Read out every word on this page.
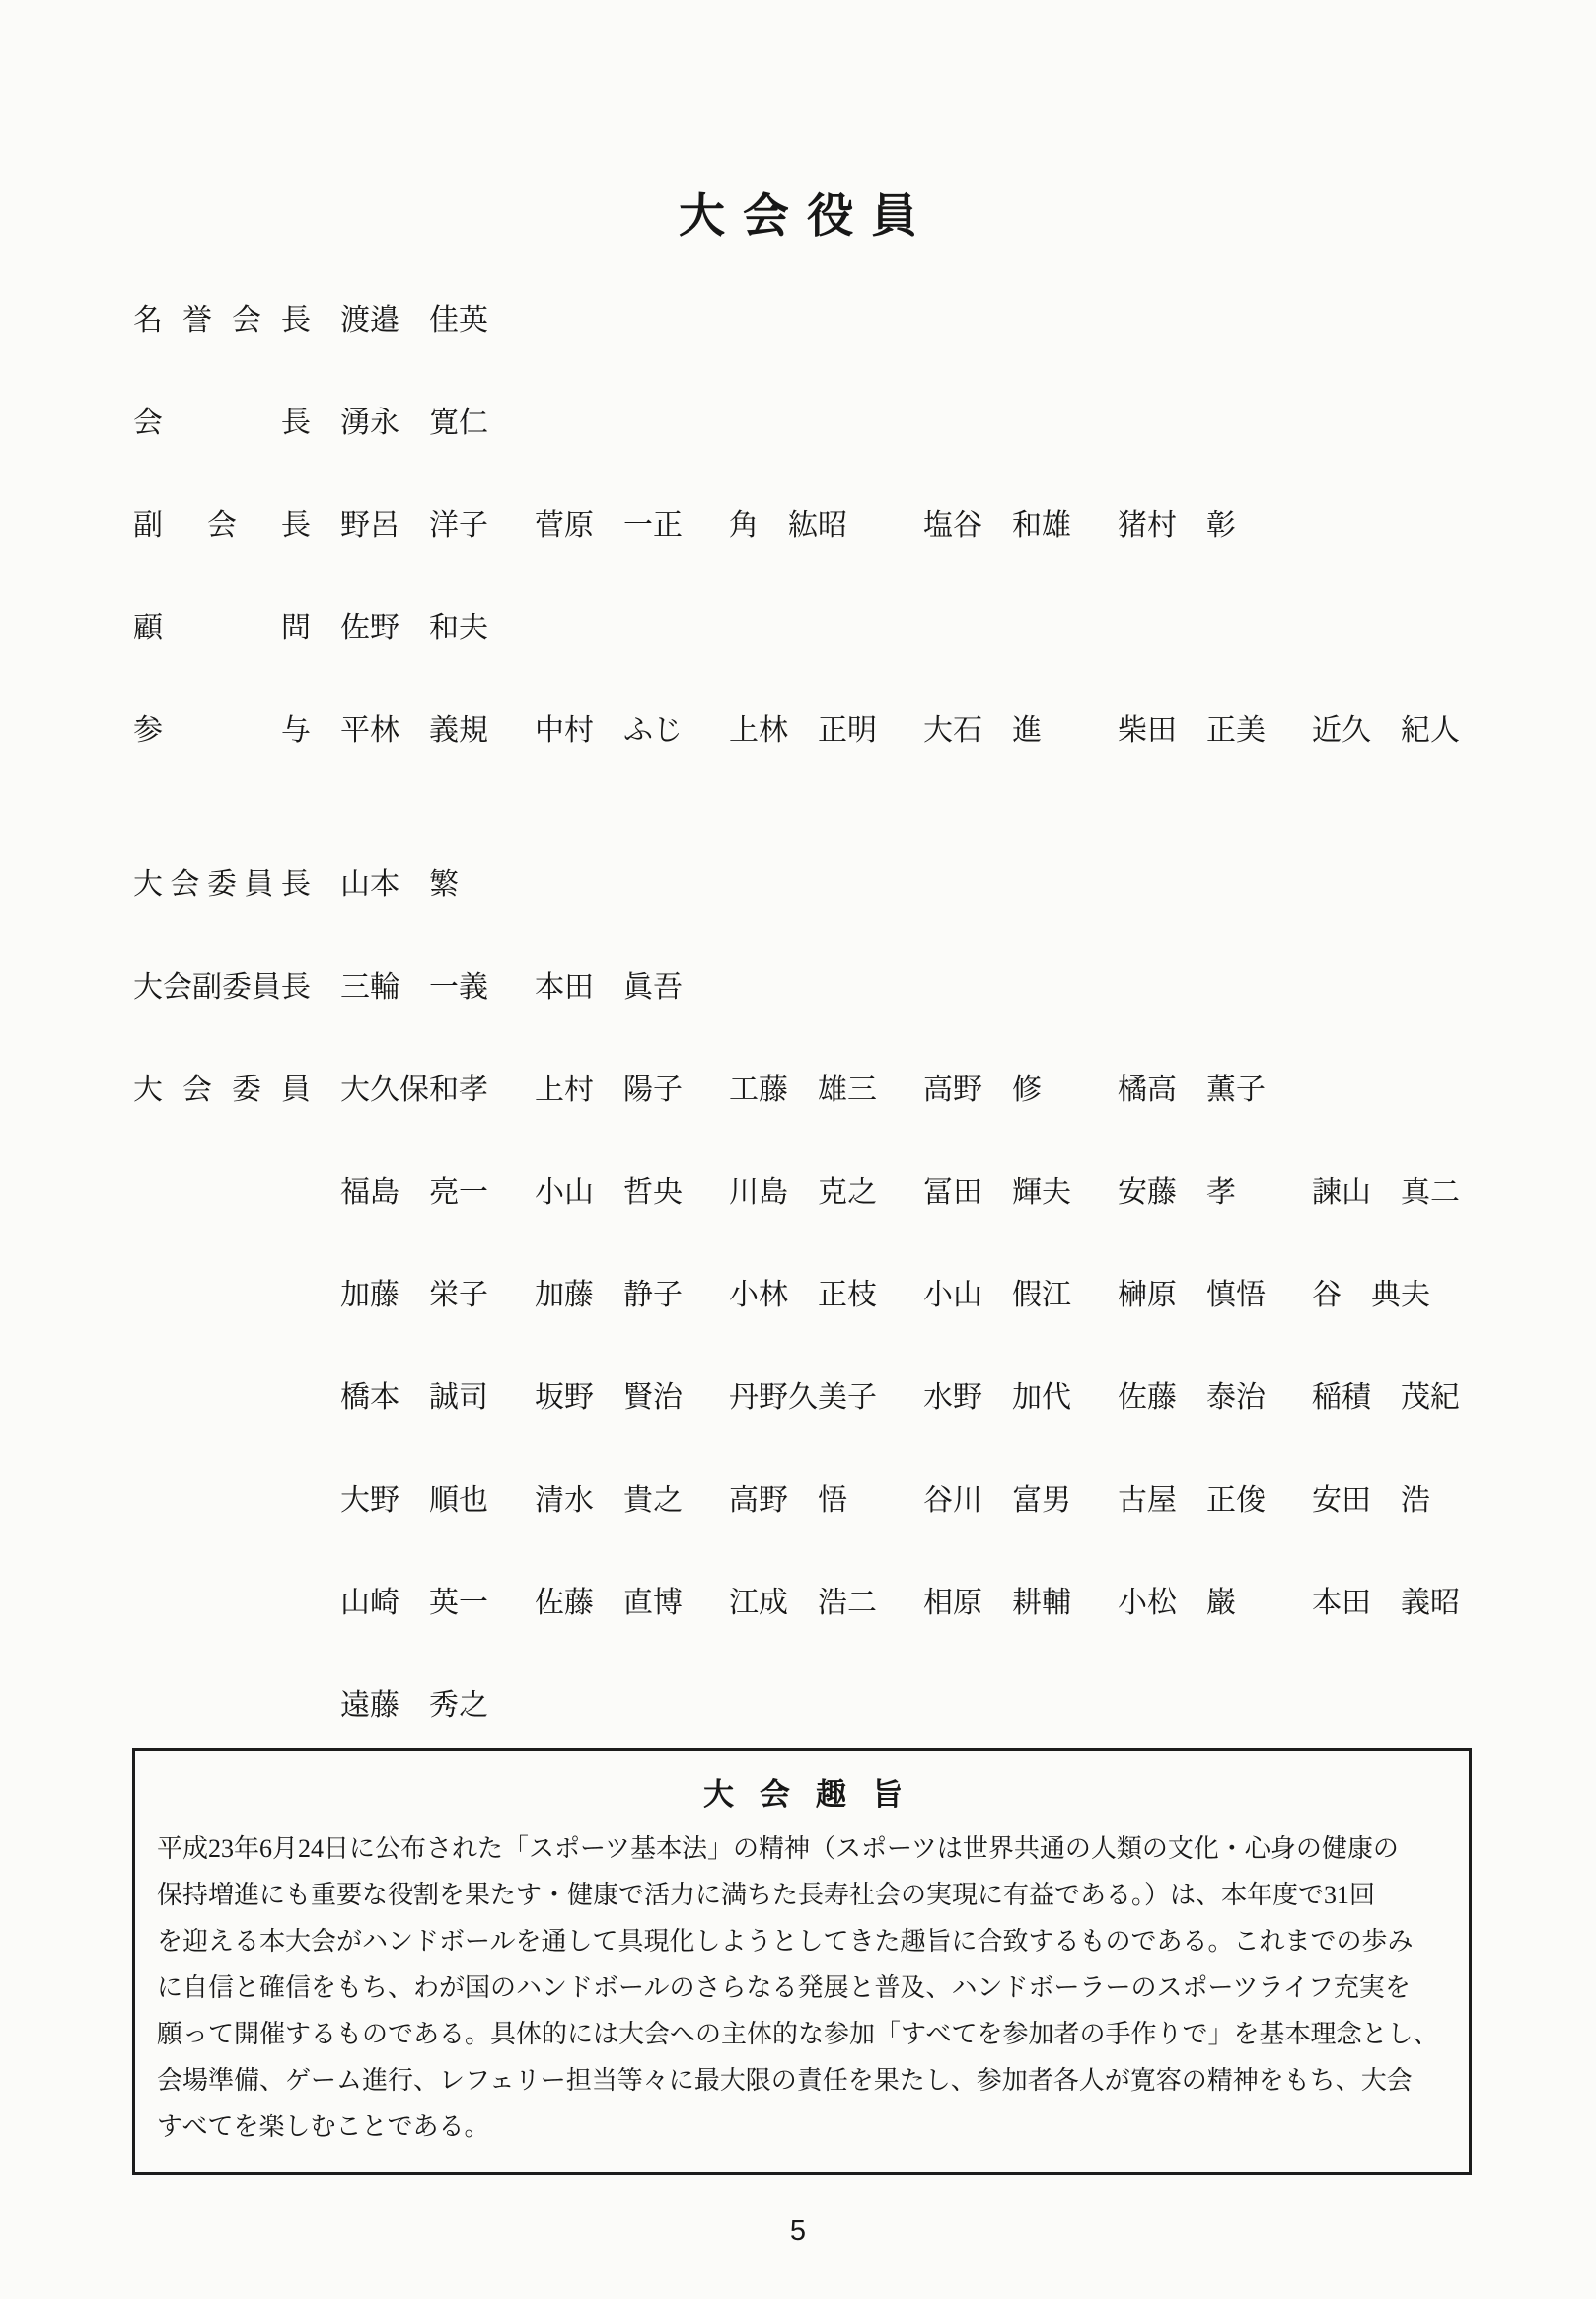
大会役員
名誉会長 渡邉　佳英
会長 湧永　寛仁
副会長 野呂　洋子	菅原　一正	角　紘昭	塩谷　和雄	猪村　彰
顧問 佐野　和夫
参与 平林　義規	中村　ふじ	上林　正明	大石　進	柴田　正美	近久　紀人
大会委員長 山本　繁
大会副委員長 三輪　一義	本田　眞吾
大会委員 大久保和孝	上村　陽子	工藤　雄三	高野　修	橘高　薫子
福島　亮一	小山　哲央	川島　克之	冨田　輝夫	安藤　孝	諫山　真二
加藤　栄子	加藤　静子	小林　正枝	小山　假江	榊原　慎悟	谷　典夫
橋本　誠司	坂野　賢治	丹野久美子	水野　加代	佐藤　泰治	稲積　茂紀
大野　順也	清水　貴之	高野　悟	谷川　富男	古屋　正俊	安田　浩
山崎　英一	佐藤　直博	江成　浩二	相原　耕輔	小松　巌	本田　義昭
遠藤　秀之
大会趣旨

平成23年6月24日に公布された「スポーツ基本法」の精神（スポーツは世界共通の人類の文化・心身の健康の

保持増進にも重要な役割を果たす・健康で活力に満ちた長寿社会の実現に有益である。）は、本年度で31回

を迎える本大会がハンドボールを通して具現化しようとしてきた趣旨に合致するものである。これまでの歩み

に自信と確信をもち、わが国のハンドボールのさらなる発展と普及、ハンドボーラーのスポーツライフ充実を

願って開催するものである。具体的には大会への主体的な参加「すべてを参加者の手作りで」を基本理念とし、

会場準備、ゲーム進行、レフェリー担当等々に最大限の責任を果たし、参加者各人が寛容の精神をもち、大会

すべてを楽しむことである。

5
